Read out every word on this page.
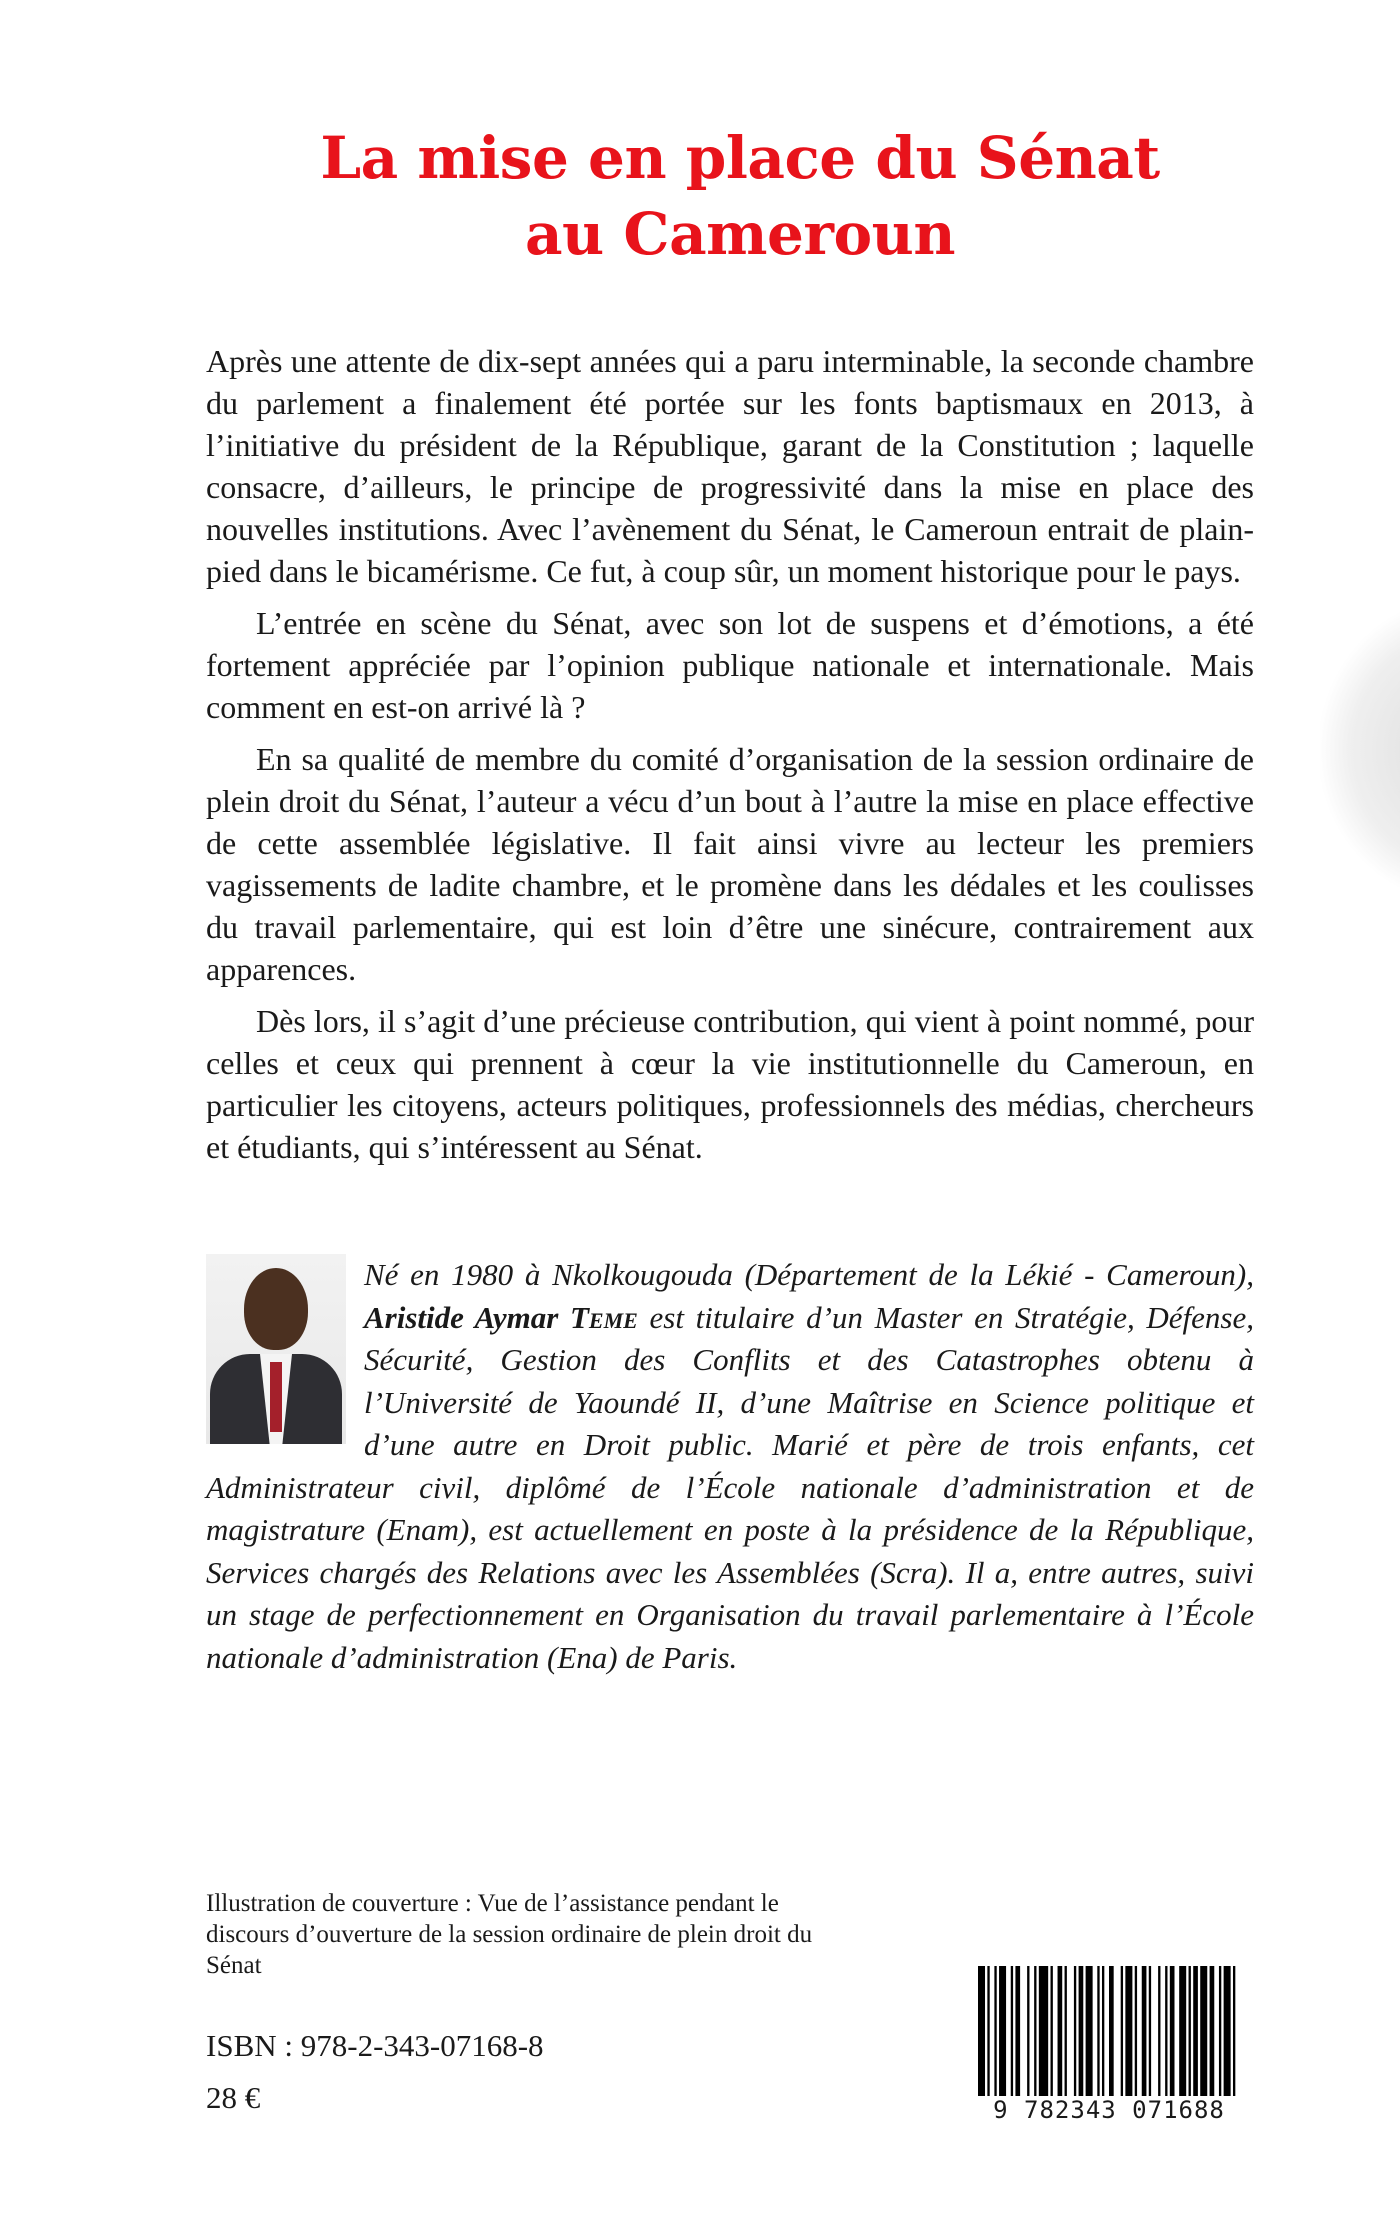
La mise en place du Sénat
au Cameroun

Après une attente de dix-sept années qui a paru interminable, la seconde chambre du parlement a finalement été portée sur les fonts baptismaux en 2013, à l’initiative du président de la République, garant de la Constitution ; laquelle consacre, d’ailleurs, le principe de progressivité dans la mise en place des nouvelles institutions. Avec l’avènement du Sénat, le Cameroun entrait de plain-pied dans le bicamérisme. Ce fut, à coup sûr, un moment historique pour le pays.

L’entrée en scène du Sénat, avec son lot de suspens et d’émotions, a été fortement appréciée par l’opinion publique nationale et internationale. Mais comment en est-on arrivé là ?

En sa qualité de membre du comité d’organisation de la session ordinaire de plein droit du Sénat, l’auteur a vécu d’un bout à l’autre la mise en place effective de cette assemblée législative. Il fait ainsi vivre au lecteur les premiers vagissements de ladite chambre, et le promène dans les dédales et les coulisses du travail parlementaire, qui est loin d’être une sinécure, contrairement aux apparences.

Dès lors, il s’agit d’une précieuse contribution, qui vient à point nommé, pour celles et ceux qui prennent à cœur la vie institutionnelle du Cameroun, en particulier les citoyens, acteurs politiques, professionnels des médias, chercheurs et étudiants, qui s’intéressent au Sénat.

Né en 1980 à Nkolkougouda (Département de la Lékié - Cameroun), Aristide Aymar Teme est titulaire d’un Master en Stratégie, Défense, Sécurité, Gestion des Conflits et des Catastrophes obtenu à l’Université de Yaoundé II, d’une Maîtrise en Science politique et d’une autre en Droit public. Marié et père de trois enfants, cet Administrateur civil, diplômé de l’École nationale d’administration et de magistrature (Enam), est actuellement en poste à la présidence de la République, Services chargés des Relations avec les Assemblées (Scra). Il a, entre autres, suivi un stage de perfectionnement en Organisation du travail parlementaire à l’École nationale d’administration (Ena) de Paris.
Illustration de couverture : Vue de l’assistance pendant le discours d’ouverture de la session ordinaire de plein droit du Sénat
ISBN : 978-2-343-07168-8
28 €	9 782343 071688
